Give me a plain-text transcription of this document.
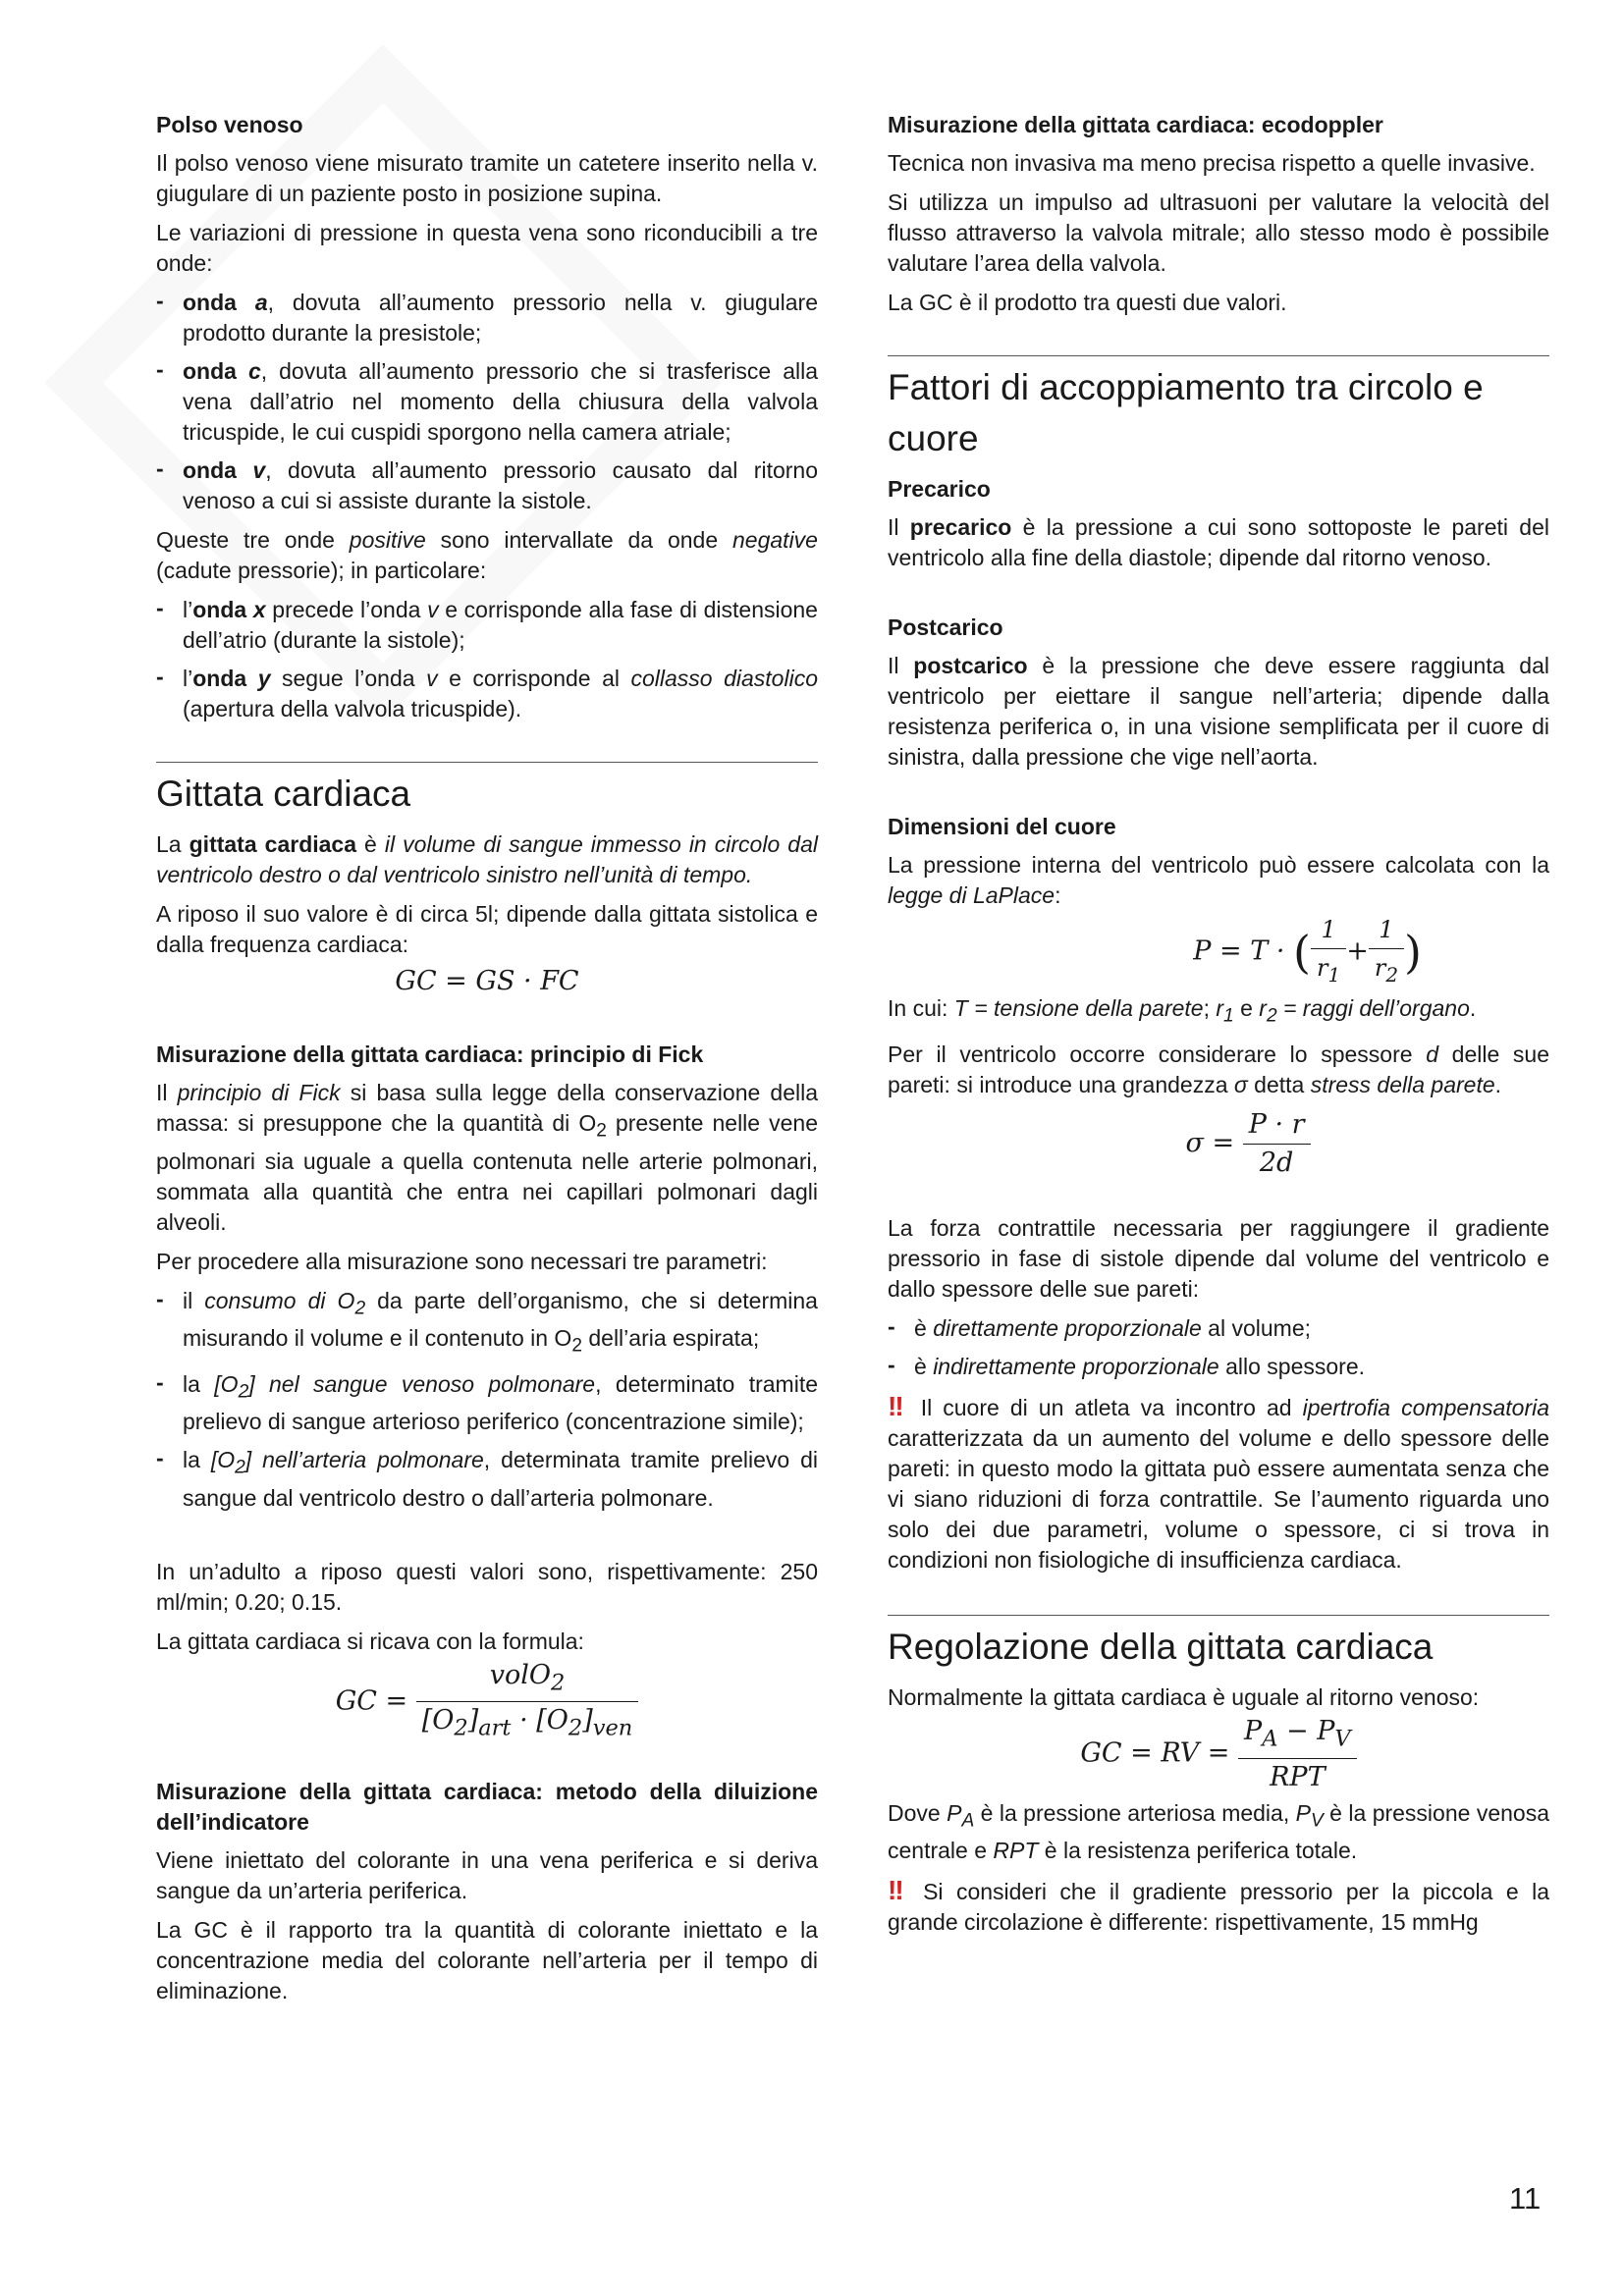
Polso venoso

Il polso venoso viene misurato tramite un catetere inserito nella v. giugulare di un paziente posto in posizione supina.

Le variazioni di pressione in questa vena sono riconducibili a tre onde:

- onda a, dovuta all’aumento pressorio nella v. giugulare prodotto durante la presistole;
- onda c, dovuta all’aumento pressorio che si trasferisce alla vena dall’atrio nel momento della chiusura della valvola tricuspide, le cui cuspidi sporgono nella camera atriale;
- onda v, dovuta all’aumento pressorio causato dal ritorno venoso a cui si assiste durante la sistole.

Queste tre onde positive sono intervallate da onde negative (cadute pressorie); in particolare:

- l’onda x precede l’onda v e corrisponde alla fase di distensione dell’atrio (durante la sistole);
- l’onda y segue l’onda v e corrisponde al collasso diastolico (apertura della valvola tricuspide).
Gittata cardiaca

La gittata cardiaca è il volume di sangue immesso in circolo dal ventricolo destro o dal ventricolo sinistro nell’unità di tempo.

A riposo il suo valore è di circa 5l; dipende dalla gittata sistolica e dalla frequenza cardiaca:

GC = GS · FC
Misurazione della gittata cardiaca: principio di Fick

Il principio di Fick si basa sulla legge della conservazione della massa: si presuppone che la quantità di $O_2$ presente nelle vene polmonari sia uguale a quella contenuta nelle arterie polmonari, sommata alla quantità che entra nei capillari polmonari dagli alveoli.

Per procedere alla misurazione sono necessari tre parametri:

- il consumo di $O_2$ da parte dell’organismo, che si determina misurando il volume e il contenuto in $O_2$ dell’aria espirata;
- la $[O_2]$ nel sangue venoso polmonare, determinato tramite prelievo di sangue arterioso periferico (concentrazione simile);
- la $[O_2]$ nell’arteria polmonare, determinata tramite prelievo di sangue dal ventricolo destro o dall’arteria polmonare.

In un’adulto a riposo questi valori sono, rispettivamente: 250 ml/min; 0.20; 0.15.

La gittata cardiaca si ricava con la formula:

GC = $\frac{volO_2}{[O_2]_{art} \cdot [O_2]_{ven}}$
Misurazione della gittata cardiaca: metodo della diluizione dell’indicatore

Viene iniettato del colorante in una vena periferica e si deriva sangue da un’arteria periferica.

La GC è il rapporto tra la quantità di colorante iniettato e la concentrazione media del colorante nell’arteria per il tempo di eliminazione.

Misurazione della gittata cardiaca: ecodoppler

Tecnica non invasiva ma meno precisa rispetto a quelle invasive.

Si utilizza un impulso ad ultrasuoni per valutare la velocità del flusso attraverso la valvola mitrale; allo stesso modo è possibile valutare l’area della valvola.

La GC è il prodotto tra questi due valori.

Fattori di accoppiamento tra circolo e cuore
Precarico

Il precarico è la pressione a cui sono sottoposte le pareti del ventricolo alla fine della diastole; dipende dal ritorno venoso.

Postcarico

Il postcarico è la pressione che deve essere raggiunta dal ventricolo per eiettare il sangue nell’arteria; dipende dalla resistenza periferica o, in una visione semplificata per il cuore di sinistra, dalla pressione che vige nell’aorta.

Dimensioni del cuore

La pressione interna del ventricolo può essere calcolata con la legge di LaPlace:

P = T · ( $\frac{1}{r_1} + \frac{1}{r_2}$ )

In cui: T = tensione della parete; $r_1$ e $r_2$ = raggi dell’organo.

Per il ventricolo occorre considerare lo spessore d delle sue pareti: si introduce una grandezza σ detta stress della parete.

$\sigma = \frac{P \cdot r}{2d}$

La forza contrattile necessaria per raggiungere il gradiente pressorio in fase di sistole dipende dal volume del ventricolo e dallo spessore delle sue pareti:

- è direttamente proporzionale al volume;
- è indirettamente proporzionale allo spessore.

!! Il cuore di un atleta va incontro ad ipertrofia compensatoria caratterizzata da un aumento del volume e dello spessore delle pareti: in questo modo la gittata può essere aumentata senza che vi siano riduzioni di forza contrattile. Se l’aumento riguarda uno solo dei due parametri, volume o spessore, ci si trova in condizioni non fisiologiche di insufficienza cardiaca.

Regolazione della gittata cardiaca

Normalmente la gittata cardiaca è uguale al ritorno venoso:

GC = RV = $\frac{P_A - P_V}{\text{RPT}}$

Dove $P_A$ è la pressione arteriosa media, $P_V$ è la pressione venosa centrale e RPT è la resistenza periferica totale.

!! Si consideri che il gradiente pressorio per la piccola e la grande circolazione è differente: rispettivamente, 15 mmHg

11
